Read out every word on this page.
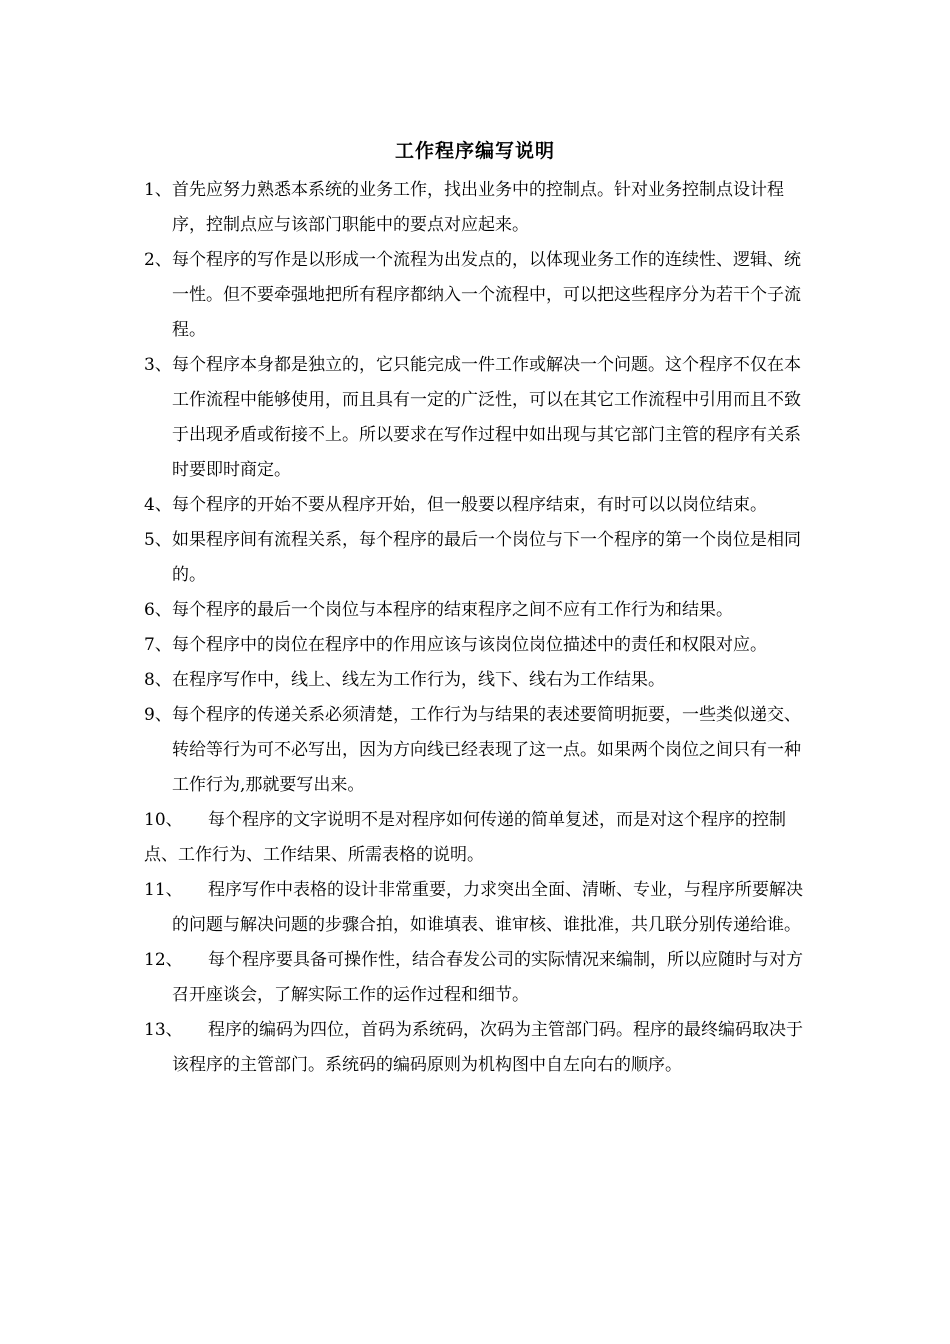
工作程序编写说明
1、 首先应努力熟悉本系统的业务工作，找出业务中的控制点。针对业务控制点设计程序，控制点应与该部门职能中的要点对应起来。
2、 每个程序的写作是以形成一个流程为出发点的，以体现业务工作的连续性、逻辑、统一性。但不要牵强地把所有程序都纳入一个流程中，可以把这些程序分为若干个子流程。
3、 每个程序本身都是独立的，它只能完成一件工作或解决一个问题。这个程序不仅在本工作流程中能够使用，而且具有一定的广泛性，可以在其它工作流程中引用而且不致于出现矛盾或衔接不上。所以要求在写作过程中如出现与其它部门主管的程序有关系时要即时商定。
4、 每个程序的开始不要从程序开始，但一般要以程序结束，有时可以以岗位结束。
5、 如果程序间有流程关系，每个程序的最后一个岗位与下一个程序的第一个岗位是相同的。
6、 每个程序的最后一个岗位与本程序的结束程序之间不应有工作行为和结果。
7、 每个程序中的岗位在程序中的作用应该与该岗位岗位描述中的责任和权限对应。
8、 在程序写作中，线上、线左为工作行为，线下、线右为工作结果。
9、 每个程序的传递关系必须清楚，工作行为与结果的表述要简明扼要，一些类似递交、转给等行为可不必写出，因为方向线已经表现了这一点。如果两个岗位之间只有一种工作行为,那就要写出来。
10、 每个程序的文字说明不是对程序如何传递的简单复述，而是对这个程序的控制点、工作行为、工作结果、所需表格的说明。
11、 程序写作中表格的设计非常重要，力求突出全面、清晰、专业，与程序所要解决的问题与解决问题的步骤合拍，如谁填表、谁审核、谁批准，共几联分别传递给谁。
12、 每个程序要具备可操作性，结合春发公司的实际情况来编制，所以应随时与对方召开座谈会，了解实际工作的运作过程和细节。
13、 程序的编码为四位，首码为系统码，次码为主管部门码。程序的最终编码取决于该程序的主管部门。系统码的编码原则为机构图中自左向右的顺序。
